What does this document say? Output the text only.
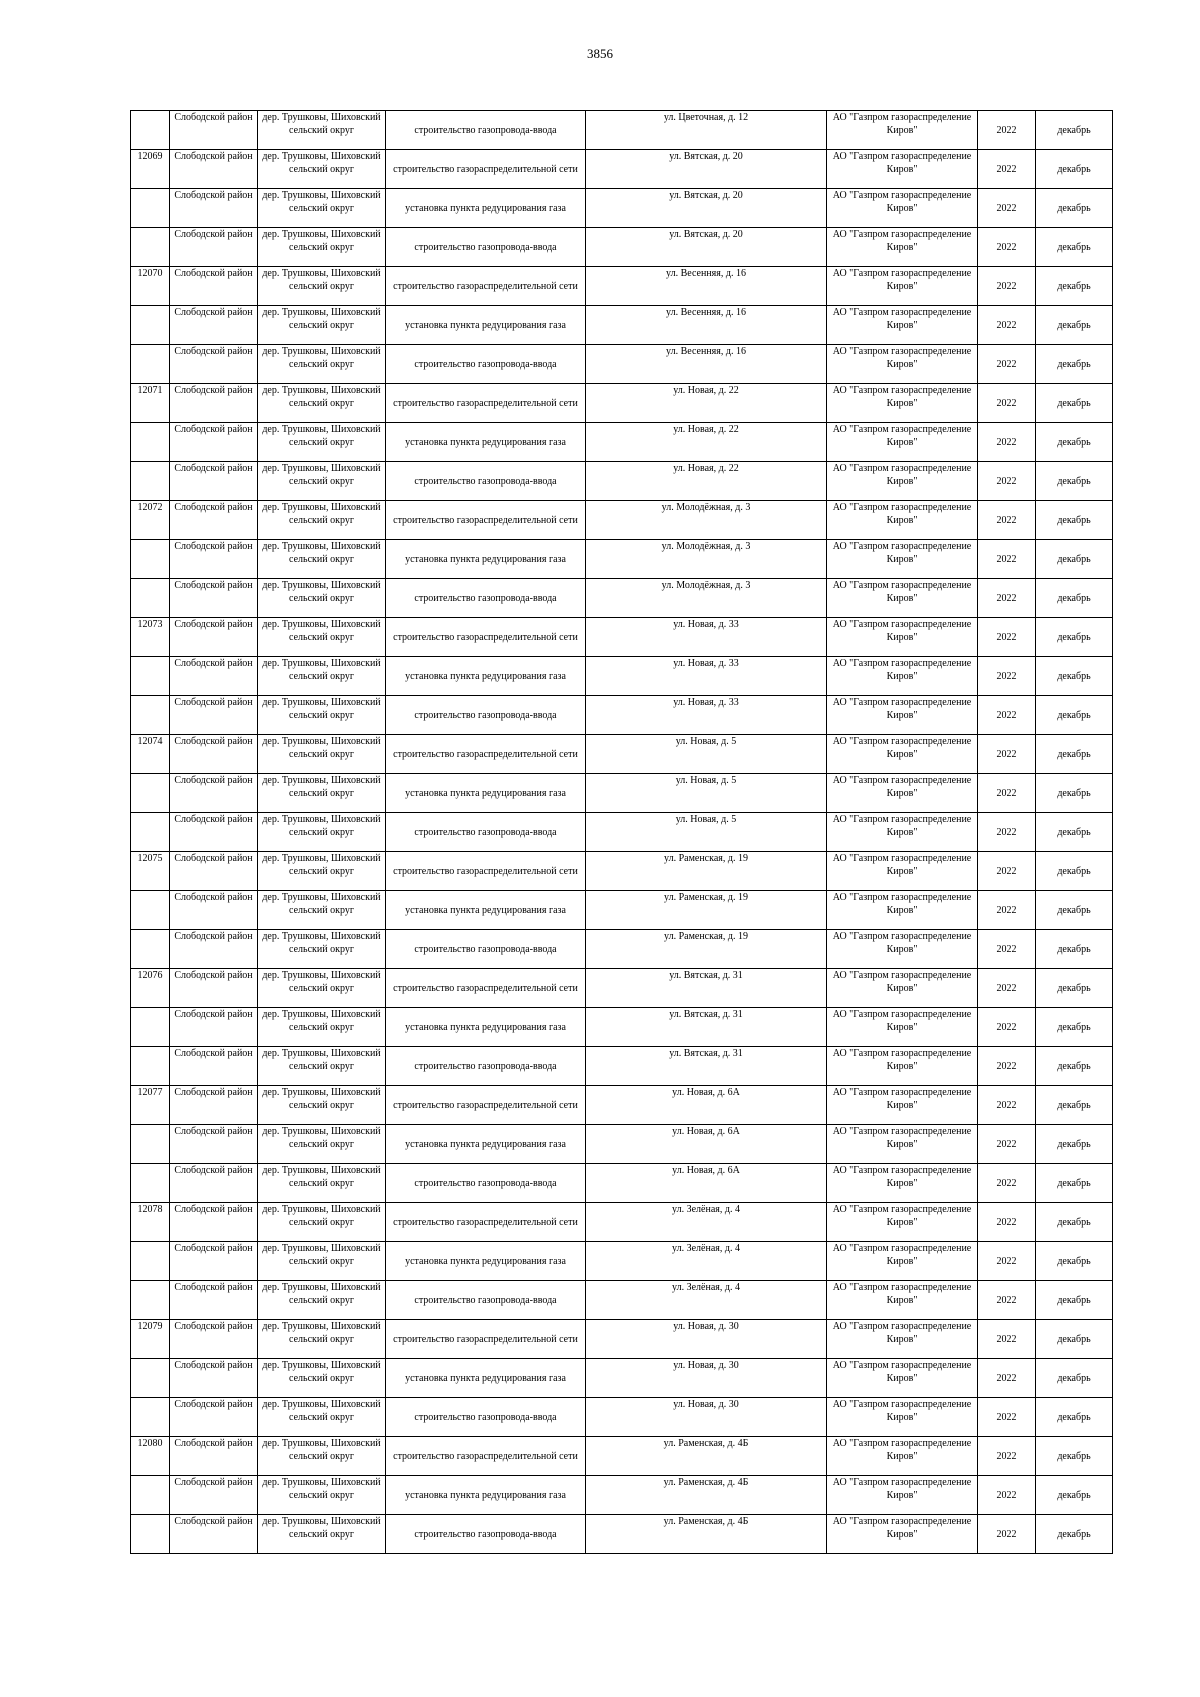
3856
	Слободской район	дер. Трушковы, Шиховский сельский округ	строительство газопровода-ввода	ул. Цветочная, д. 12	АО "Газпром газораспределение Киров"	2022	декабрь
12069	Слободской район	дер. Трушковы, Шиховский сельский округ	строительство газораспределительной сети	ул. Вятская, д. 20	АО "Газпром газораспределение Киров"	2022	декабрь
	Слободской район	дер. Трушковы, Шиховский сельский округ	установка пункта редуцирования газа	ул. Вятская, д. 20	АО "Газпром газораспределение Киров"	2022	декабрь
	Слободской район	дер. Трушковы, Шиховский сельский округ	строительство газопровода-ввода	ул. Вятская, д. 20	АО "Газпром газораспределение Киров"	2022	декабрь
12070	Слободской район	дер. Трушковы, Шиховский сельский округ	строительство газораспределительной сети	ул. Весенняя, д. 16	АО "Газпром газораспределение Киров"	2022	декабрь
	Слободской район	дер. Трушковы, Шиховский сельский округ	установка пункта редуцирования газа	ул. Весенняя, д. 16	АО "Газпром газораспределение Киров"	2022	декабрь
	Слободской район	дер. Трушковы, Шиховский сельский округ	строительство газопровода-ввода	ул. Весенняя, д. 16	АО "Газпром газораспределение Киров"	2022	декабрь
12071	Слободской район	дер. Трушковы, Шиховский сельский округ	строительство газораспределительной сети	ул. Новая, д. 22	АО "Газпром газораспределение Киров"	2022	декабрь
	Слободской район	дер. Трушковы, Шиховский сельский округ	установка пункта редуцирования газа	ул. Новая, д. 22	АО "Газпром газораспределение Киров"	2022	декабрь
	Слободской район	дер. Трушковы, Шиховский сельский округ	строительство газопровода-ввода	ул. Новая, д. 22	АО "Газпром газораспределение Киров"	2022	декабрь
12072	Слободской район	дер. Трушковы, Шиховский сельский округ	строительство газораспределительной сети	ул. Молодёжная, д. 3	АО "Газпром газораспределение Киров"	2022	декабрь
	Слободской район	дер. Трушковы, Шиховский сельский округ	установка пункта редуцирования газа	ул. Молодёжная, д. 3	АО "Газпром газораспределение Киров"	2022	декабрь
	Слободской район	дер. Трушковы, Шиховский сельский округ	строительство газопровода-ввода	ул. Молодёжная, д. 3	АО "Газпром газораспределение Киров"	2022	декабрь
12073	Слободской район	дер. Трушковы, Шиховский сельский округ	строительство газораспределительной сети	ул. Новая, д. 33	АО "Газпром газораспределение Киров"	2022	декабрь
	Слободской район	дер. Трушковы, Шиховский сельский округ	установка пункта редуцирования газа	ул. Новая, д. 33	АО "Газпром газораспределение Киров"	2022	декабрь
	Слободской район	дер. Трушковы, Шиховский сельский округ	строительство газопровода-ввода	ул. Новая, д. 33	АО "Газпром газораспределение Киров"	2022	декабрь
12074	Слободской район	дер. Трушковы, Шиховский сельский округ	строительство газораспределительной сети	ул. Новая, д. 5	АО "Газпром газораспределение Киров"	2022	декабрь
	Слободской район	дер. Трушковы, Шиховский сельский округ	установка пункта редуцирования газа	ул. Новая, д. 5	АО "Газпром газораспределение Киров"	2022	декабрь
	Слободской район	дер. Трушковы, Шиховский сельский округ	строительство газопровода-ввода	ул. Новая, д. 5	АО "Газпром газораспределение Киров"	2022	декабрь
12075	Слободской район	дер. Трушковы, Шиховский сельский округ	строительство газораспределительной сети	ул. Раменская, д. 19	АО "Газпром газораспределение Киров"	2022	декабрь
	Слободской район	дер. Трушковы, Шиховский сельский округ	установка пункта редуцирования газа	ул. Раменская, д. 19	АО "Газпром газораспределение Киров"	2022	декабрь
	Слободской район	дер. Трушковы, Шиховский сельский округ	строительство газопровода-ввода	ул. Раменская, д. 19	АО "Газпром газораспределение Киров"	2022	декабрь
12076	Слободской район	дер. Трушковы, Шиховский сельский округ	строительство газораспределительной сети	ул. Вятская, д. 31	АО "Газпром газораспределение Киров"	2022	декабрь
	Слободской район	дер. Трушковы, Шиховский сельский округ	установка пункта редуцирования газа	ул. Вятская, д. 31	АО "Газпром газораспределение Киров"	2022	декабрь
	Слободской район	дер. Трушковы, Шиховский сельский округ	строительство газопровода-ввода	ул. Вятская, д. 31	АО "Газпром газораспределение Киров"	2022	декабрь
12077	Слободской район	дер. Трушковы, Шиховский сельский округ	строительство газораспределительной сети	ул. Новая, д. 6А	АО "Газпром газораспределение Киров"	2022	декабрь
	Слободской район	дер. Трушковы, Шиховский сельский округ	установка пункта редуцирования газа	ул. Новая, д. 6А	АО "Газпром газораспределение Киров"	2022	декабрь
	Слободской район	дер. Трушковы, Шиховский сельский округ	строительство газопровода-ввода	ул. Новая, д. 6А	АО "Газпром газораспределение Киров"	2022	декабрь
12078	Слободской район	дер. Трушковы, Шиховский сельский округ	строительство газораспределительной сети	ул. Зелёная, д. 4	АО "Газпром газораспределение Киров"	2022	декабрь
	Слободской район	дер. Трушковы, Шиховский сельский округ	установка пункта редуцирования газа	ул. Зелёная, д. 4	АО "Газпром газораспределение Киров"	2022	декабрь
	Слободской район	дер. Трушковы, Шиховский сельский округ	строительство газопровода-ввода	ул. Зелёная, д. 4	АО "Газпром газораспределение Киров"	2022	декабрь
12079	Слободской район	дер. Трушковы, Шиховский сельский округ	строительство газораспределительной сети	ул. Новая, д. 30	АО "Газпром газораспределение Киров"	2022	декабрь
	Слободской район	дер. Трушковы, Шиховский сельский округ	установка пункта редуцирования газа	ул. Новая, д. 30	АО "Газпром газораспределение Киров"	2022	декабрь
	Слободской район	дер. Трушковы, Шиховский сельский округ	строительство газопровода-ввода	ул. Новая, д. 30	АО "Газпром газораспределение Киров"	2022	декабрь
12080	Слободской район	дер. Трушковы, Шиховский сельский округ	строительство газораспределительной сети	ул. Раменская, д. 4Б	АО "Газпром газораспределение Киров"	2022	декабрь
	Слободской район	дер. Трушковы, Шиховский сельский округ	установка пункта редуцирования газа	ул. Раменская, д. 4Б	АО "Газпром газораспределение Киров"	2022	декабрь
	Слободской район	дер. Трушковы, Шиховский сельский округ	строительство газопровода-ввода	ул. Раменская, д. 4Б	АО "Газпром газораспределение Киров"	2022	декабрь
